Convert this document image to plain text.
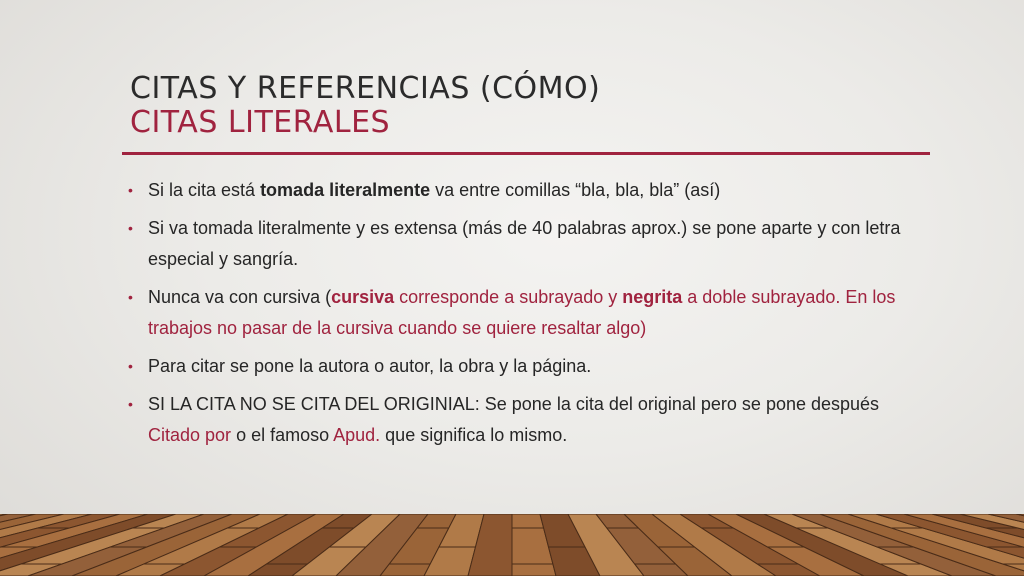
CITAS Y REFERENCIAS (CÓMO)
CITAS LITERALES
• Si la cita está tomada literalmente va entre comillas “bla, bla, bla” (así)
• Si va tomada literalmente y es extensa (más de 40 palabras aprox.) se pone aparte y con letra especial y sangría.
• Nunca va con cursiva (cursiva corresponde a subrayado y negrita a doble subrayado. En los trabajos no pasar de la cursiva cuando se quiere resaltar algo)
• Para citar se pone la autora o autor, la obra y la página.
• SI LA CITA NO SE CITA DEL ORIGINIAL: Se pone la cita del original pero se pone después Citado por o el famoso Apud. que significa lo mismo.
